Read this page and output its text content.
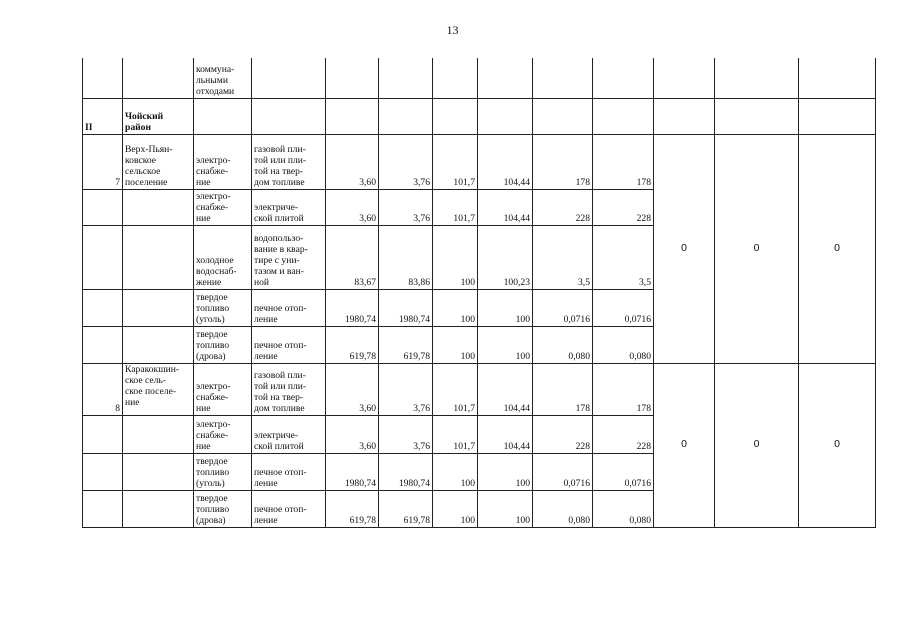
13
		коммуна-
льными
отходами										
II	Чойский
район											
7	Верх-Пьян-
ковское
сельское
поселение	электро-
снабже-
ние	газовой пли-
той или пли-
той на твер-
дом топливе	3,60	3,76	101,7	104,44	178	178	0	0	0
		электро-
снабже-
ние	электриче-
ской плитой	3,60	3,76	101,7	104,44	228	228			
		холодное
водоснаб-
жение	водопользо-
вание в квар-
тире с уни-
тазом и ван-
ной	83,67	83,86	100	100,23	3,5	3,5			
		твердое
топливо
(уголь)	печное отоп-
ление	1980,74	1980,74	100	100	0,0716	0,0716			
		твердое
топливо
(дрова)	печное отоп-
ление	619,78	619,78	100	100	0,080	0,080			
8	Каракокшин-
ское сель-
ское поселе-
ние	электро-
снабже-
ние	газовой пли-
той или пли-
той на твер-
дом топливе	3,60	3,76	101,7	104,44	178	178	0	0	0
		электро-
снабже-
ние	электриче-
ской плитой	3,60	3,76	101,7	104,44	228	228			
		твердое
топливо
(уголь)	печное отоп-
ление	1980,74	1980,74	100	100	0,0716	0,0716			
		твердое
топливо
(дрова)	печное отоп-
ление	619,78	619,78	100	100	0,080	0,080			
